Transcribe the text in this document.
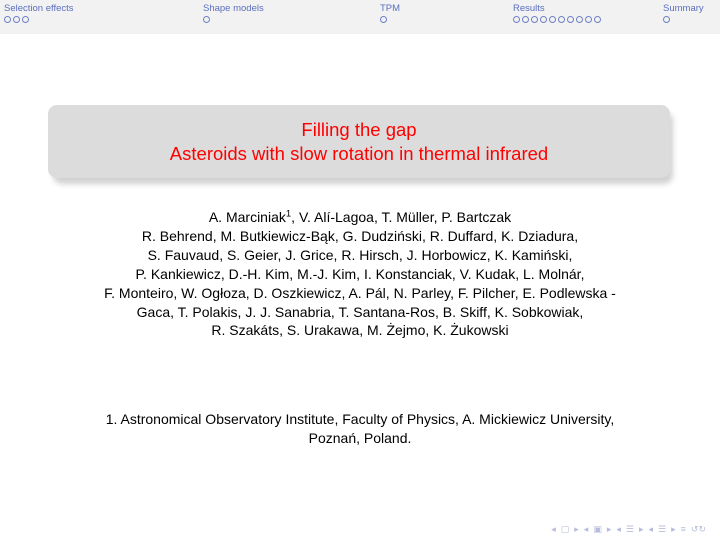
Selection effects	Shape models	TPM	Results	Summary
Filling the gap
Asteroids with slow rotation in thermal infrared
A. Marciniak$^1$, V. Alí-Lagoa, T. Müller, P. Bartczak
R. Behrend, M. Butkiewicz-Bąk, G. Dudziński, R. Duffard, K. Dziadura,
S. Fauvaud, S. Geier, J. Grice, R. Hirsch, J. Horbowicz, K. Kamiński,
P. Kankiewicz, D.-H. Kim, M.-J. Kim, I. Konstanciak, V. Kudak, L. Molnár,
F. Monteiro, W. Ogłoza, D. Oszkiewicz, A. Pál, N. Parley, F. Pilcher, E. Podlewska -
Gaca, T. Polakis, J. J. Sanabria, T. Santana-Ros, B. Skiff, K. Sobkowiak,
R. Szakáts, S. Urakawa, M. Żejmo, K. Żukowski
1. Astronomical Observatory Institute, Faculty of Physics, A. Mickiewicz University,
Poznań, Poland.
◂ ▢ ▸ ◂ ▣ ▸ ◂ ☰ ▸ ◂ ☰ ▸ ≡ ↺↻
